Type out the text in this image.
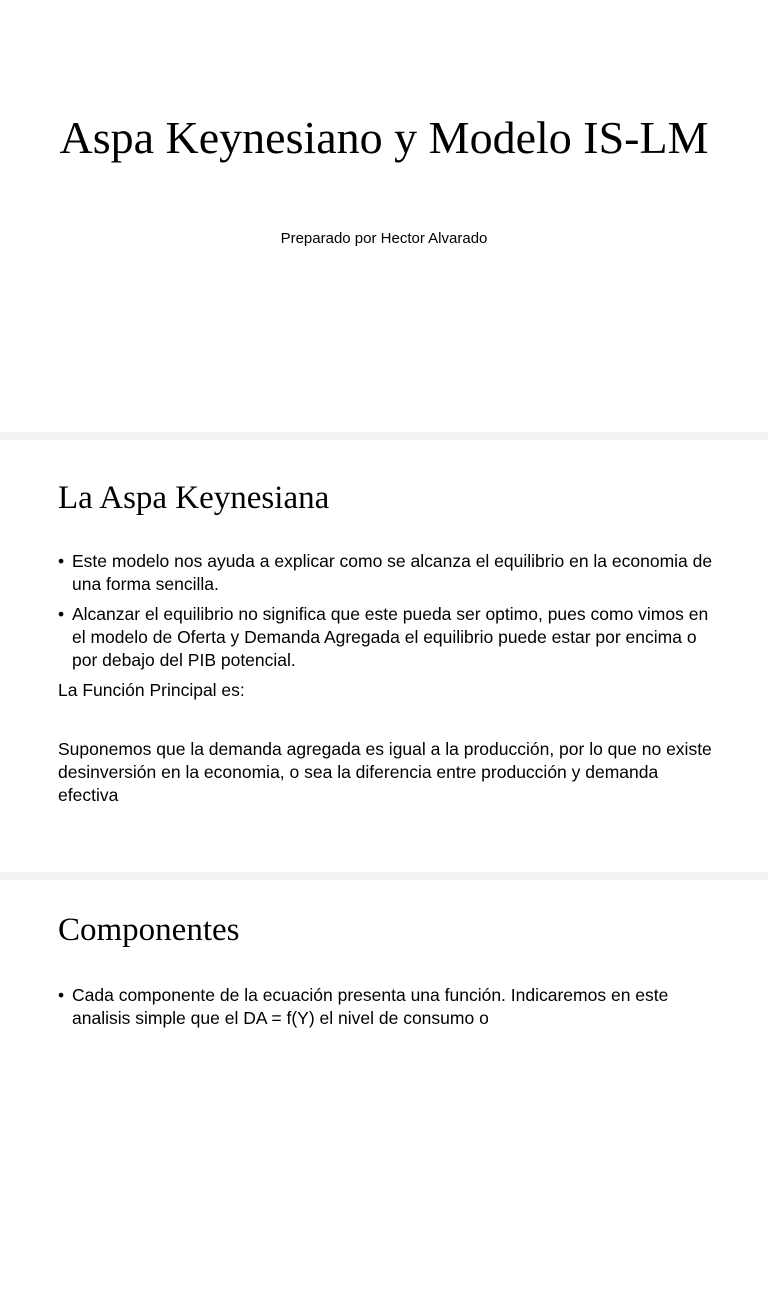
Aspa Keynesiano y Modelo IS-LM

Preparado por Hector Alvarado

La Aspa Keynesiana
• Este modelo nos ayuda a explicar como se alcanza el equilibrio en la economia de una forma sencilla.
• Alcanzar el equilibrio no significa que este pueda ser optimo, pues como vimos en el modelo de Oferta y Demanda Agregada el equilibrio puede estar por encima o por debajo del PIB potencial.

La Función Principal es:

Suponemos que la demanda agregada es igual a la producción, por lo que no existe desinversión en la economia, o sea la diferencia entre producción y demanda efectiva

Componentes
• Cada componente de la ecuación presenta una función. Indicaremos en este analisis simple que el DA = f(Y) el nivel de consumo o
